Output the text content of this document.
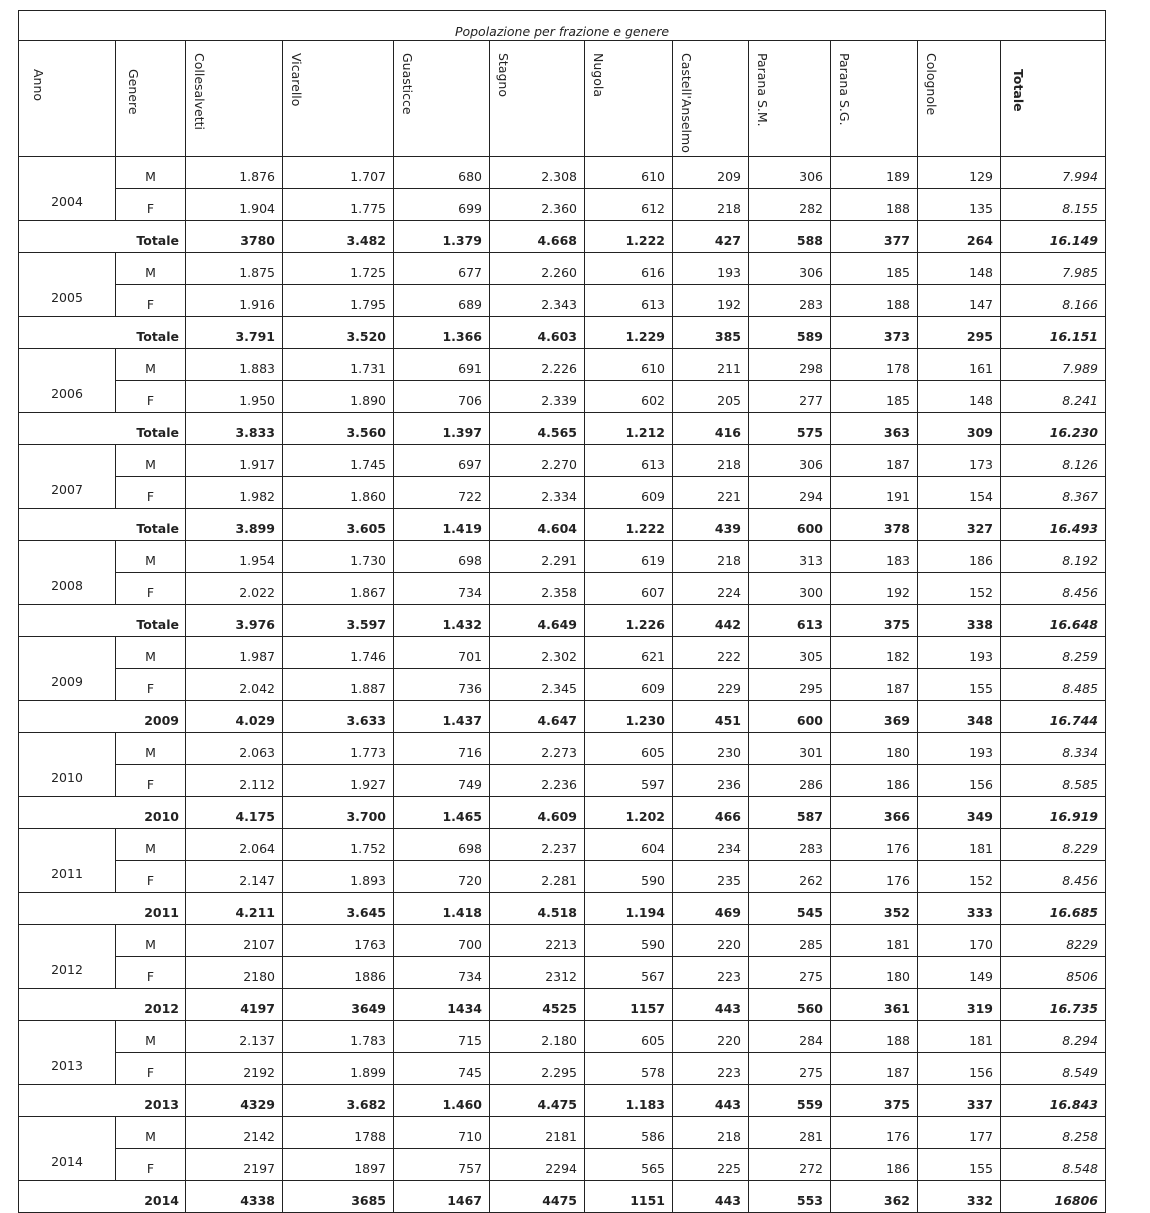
Popolazione per frazione e genere											
Anno	Genere	Collesalvetti	Vicarello	Guasticce	Stagno	Nugola	Castell'Anselmo	Parana S.M.	Parana S.G.	Colognole	Totale
2004	M	1.876	1.707	680	2.308	610	209	306	189	129	7.994
	F	1.904	1.775	699	2.360	612	218	282	188	135	8.155
	Totale	3780	3.482	1.379	4.668	1.222	427	588	377	264	16.149
2005	M	1.875	1.725	677	2.260	616	193	306	185	148	7.985
	F	1.916	1.795	689	2.343	613	192	283	188	147	8.166
	Totale	3.791	3.520	1.366	4.603	1.229	385	589	373	295	16.151
2006	M	1.883	1.731	691	2.226	610	211	298	178	161	7.989
	F	1.950	1.890	706	2.339	602	205	277	185	148	8.241
	Totale	3.833	3.560	1.397	4.565	1.212	416	575	363	309	16.230
2007	M	1.917	1.745	697	2.270	613	218	306	187	173	8.126
	F	1.982	1.860	722	2.334	609	221	294	191	154	8.367
	Totale	3.899	3.605	1.419	4.604	1.222	439	600	378	327	16.493
2008	M	1.954	1.730	698	2.291	619	218	313	183	186	8.192
	F	2.022	1.867	734	2.358	607	224	300	192	152	8.456
	Totale	3.976	3.597	1.432	4.649	1.226	442	613	375	338	16.648
2009	M	1.987	1.746	701	2.302	621	222	305	182	193	8.259
	F	2.042	1.887	736	2.345	609	229	295	187	155	8.485
	2009	4.029	3.633	1.437	4.647	1.230	451	600	369	348	16.744
2010	M	2.063	1.773	716	2.273	605	230	301	180	193	8.334
	F	2.112	1.927	749	2.236	597	236	286	186	156	8.585
	2010	4.175	3.700	1.465	4.609	1.202	466	587	366	349	16.919
2011	M	2.064	1.752	698	2.237	604	234	283	176	181	8.229
	F	2.147	1.893	720	2.281	590	235	262	176	152	8.456
	2011	4.211	3.645	1.418	4.518	1.194	469	545	352	333	16.685
2012	M	2107	1763	700	2213	590	220	285	181	170	8229
	F	2180	1886	734	2312	567	223	275	180	149	8506
	2012	4197	3649	1434	4525	1157	443	560	361	319	16.735
2013	M	2.137	1.783	715	2.180	605	220	284	188	181	8.294
	F	2192	1.899	745	2.295	578	223	275	187	156	8.549
	2013	4329	3.682	1.460	4.475	1.183	443	559	375	337	16.843
2014	M	2142	1788	710	2181	586	218	281	176	177	8.258
	F	2197	1897	757	2294	565	225	272	186	155	8.548
	2014	4338	3685	1467	4475	1151	443	553	362	332	16806
